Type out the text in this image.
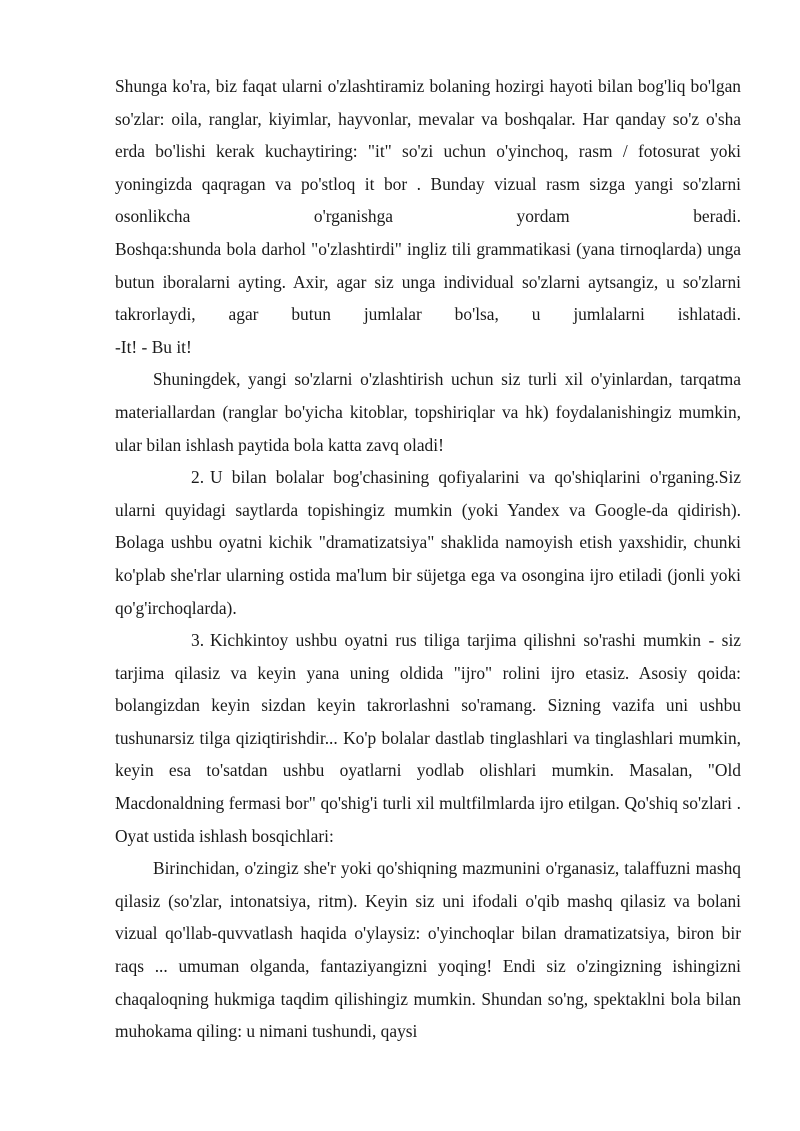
Shunga ko'ra, biz faqat ularni o'zlashtiramiz bolaning hozirgi hayoti bilan bog'liq bo'lgan so'zlar: oila, ranglar, kiyimlar, hayvonlar, mevalar va boshqalar. Har qanday so'z o'sha erda bo'lishi kerak kuchaytiring: "it" so'zi uchun o'yinchoq, rasm / fotosurat yoki yoningizda qaqragan va po'stloq it bor . Bunday vizual rasm sizga yangi so'zlarni osonlikcha o'rganishga yordam beradi.
Boshqa:shunda bola darhol "o'zlashtirdi" ingliz tili grammatikasi (yana tirnoqlarda) unga butun iboralarni ayting. Axir, agar siz unga individual so'zlarni aytsangiz, u so'zlarni takrorlaydi, agar butun jumlalar bo'lsa, u jumlalarni ishlatadi.
-It! - Bu it!

Shuningdek, yangi so'zlarni o'zlashtirish uchun siz turli xil o'yinlardan, tarqatma materiallardan (ranglar bo'yicha kitoblar, topshiriqlar va hk) foydalanishingiz mumkin, ular bilan ishlash paytida bola katta zavq oladi!

2. U bilan bolalar bog'chasining qofiyalarini va qo'shiqlarini o'rganing.Siz ularni quyidagi saytlarda topishingiz mumkin (yoki Yandex va Google-da qidirish). Bolaga ushbu oyatni kichik "dramatizatsiya" shaklida namoyish etish yaxshidir, chunki ko'plab she'rlar ularning ostida ma'lum bir süjetga ega va osongina ijro etiladi (jonli yoki qo'g'irchoqlarda).

3. Kichkintoy ushbu oyatni rus tiliga tarjima qilishni so'rashi mumkin - siz tarjima qilasiz va keyin yana uning oldida "ijro" rolini ijro etasiz. Asosiy qoida: bolangizdan keyin sizdan keyin takrorlashni so'ramang. Sizning vazifa uni ushbu tushunarsiz tilga qiziqtirishdir... Ko'p bolalar dastlab tinglashlari va tinglashlari mumkin, keyin esa to'satdan ushbu oyatlarni yodlab olishlari mumkin. Masalan, "Old Macdonaldning fermasi bor" qo'shig'i turli xil multfilmlarda ijro etilgan. Qo'shiq so'zlari . Oyat ustida ishlash bosqichlari:

Birinchidan, o'zingiz she'r yoki qo'shiqning mazmunini o'rganasiz, talaffuzni mashq qilasiz (so'zlar, intonatsiya, ritm). Keyin siz uni ifodali o'qib mashq qilasiz va bolani vizual qo'llab-quvvatlash haqida o'ylaysiz: o'yinchoqlar bilan dramatizatsiya, biron bir raqs ... umuman olganda, fantaziyangizni yoqing! Endi siz o'zingizning ishingizni chaqaloqning hukmiga taqdim qilishingiz mumkin. Shundan so'ng, spektaklni bola bilan muhokama qiling: u nimani tushundi, qaysi
